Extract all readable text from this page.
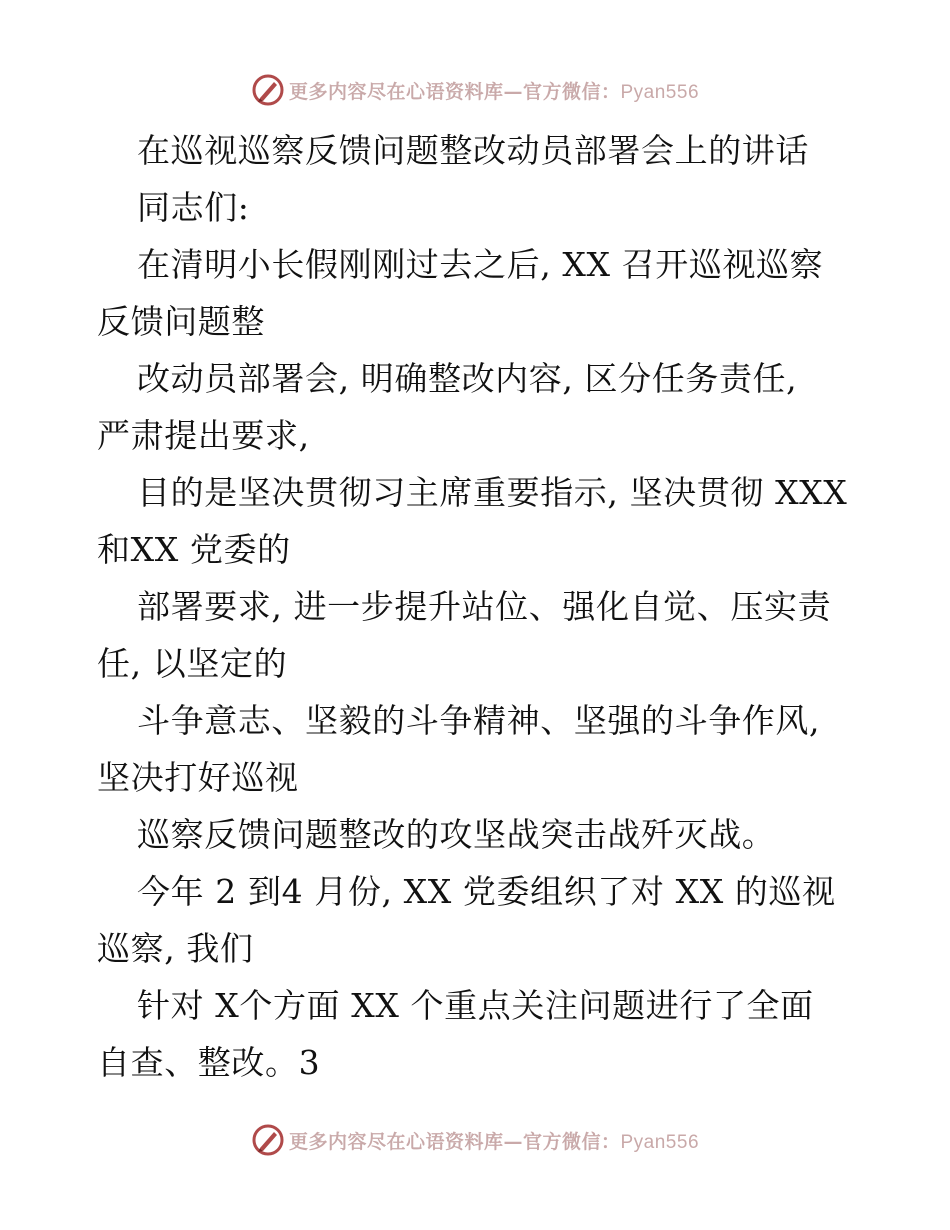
更多内容尽在心语资料库—官方微信：Pyan556
在巡视巡察反馈问题整改动员部署会上的讲话
同志们:
在清明小长假刚刚过去之后, XX 召开巡视巡察
反馈问题整
改动员部署会, 明确整改内容, 区分任务责任,
严肃提出要求,
目的是坚决贯彻习主席重要指示, 坚决贯彻 XXX
和XX 党委的
部署要求, 进一步提升站位、强化自觉、压实责
任, 以坚定的
斗争意志、坚毅的斗争精神、坚强的斗争作风,
坚决打好巡视
巡察反馈问题整改的攻坚战突击战歼灭战。
今年 2 到4 月份, XX 党委组织了对 XX 的巡视
巡察, 我们
针对 X个方面 XX 个重点关注问题进行了全面
自查、整改。3
更多内容尽在心语资料库—官方微信：Pyan556
